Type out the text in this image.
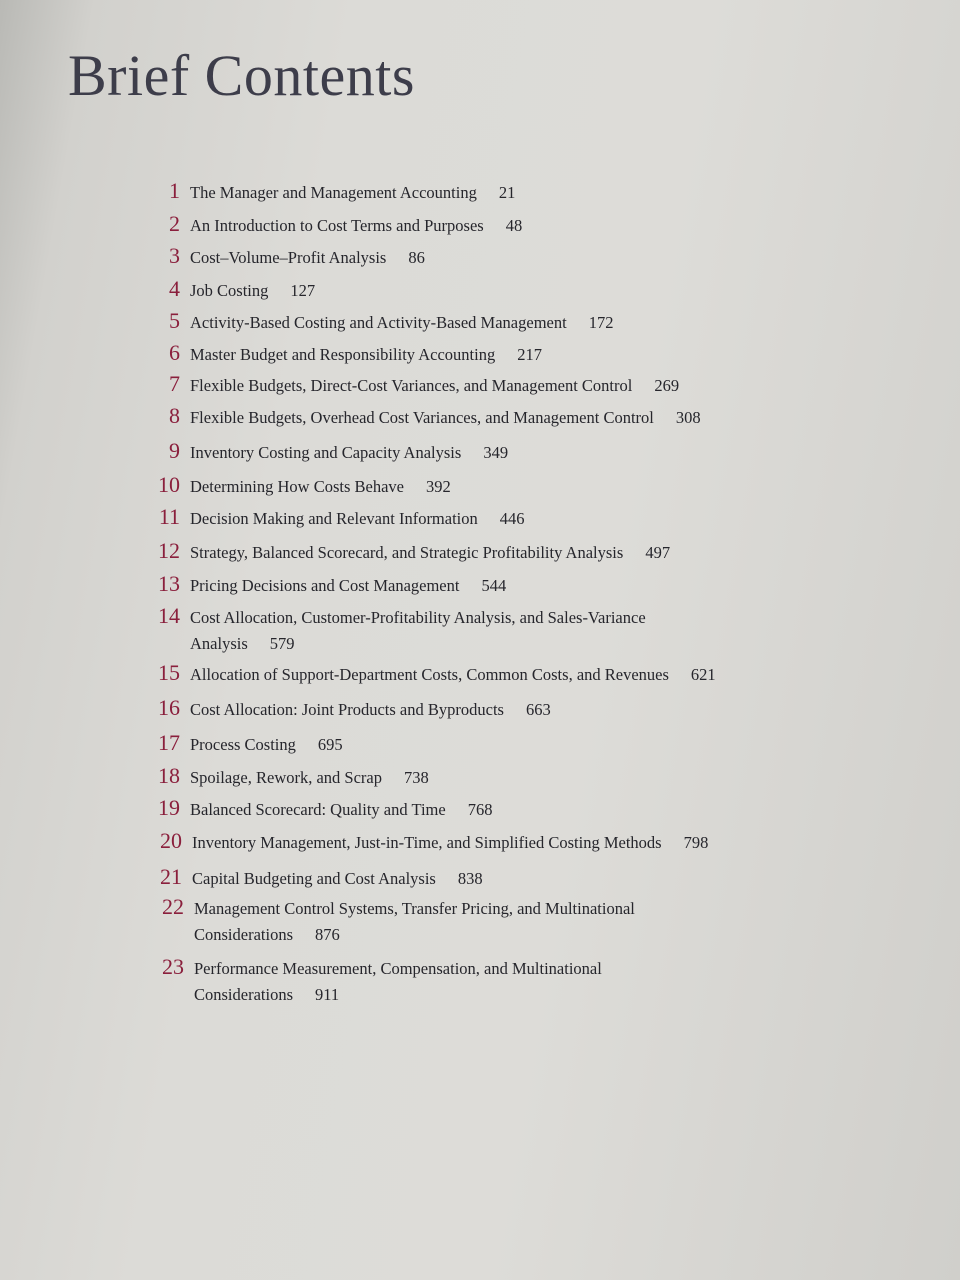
Brief Contents
1 The Manager and Management Accounting 21
2 An Introduction to Cost Terms and Purposes 48
3 Cost–Volume–Profit Analysis 86
4 Job Costing 127
5 Activity-Based Costing and Activity-Based Management 172
6 Master Budget and Responsibility Accounting 217
7 Flexible Budgets, Direct-Cost Variances, and Management Control 269
8 Flexible Budgets, Overhead Cost Variances, and Management Control 308
9 Inventory Costing and Capacity Analysis 349
10 Determining How Costs Behave 392
11 Decision Making and Relevant Information 446
12 Strategy, Balanced Scorecard, and Strategic Profitability Analysis 497
13 Pricing Decisions and Cost Management 544
14 Cost Allocation, Customer-Profitability Analysis, and Sales-Variance
Analysis 579
15 Allocation of Support-Department Costs, Common Costs, and Revenues 621
16 Cost Allocation: Joint Products and Byproducts 663
17 Process Costing 695
18 Spoilage, Rework, and Scrap 738
19 Balanced Scorecard: Quality and Time 768
20 Inventory Management, Just-in-Time, and Simplified Costing Methods 798
21 Capital Budgeting and Cost Analysis 838
22 Management Control Systems, Transfer Pricing, and Multinational
Considerations 876
23 Performance Measurement, Compensation, and Multinational
Considerations 911
